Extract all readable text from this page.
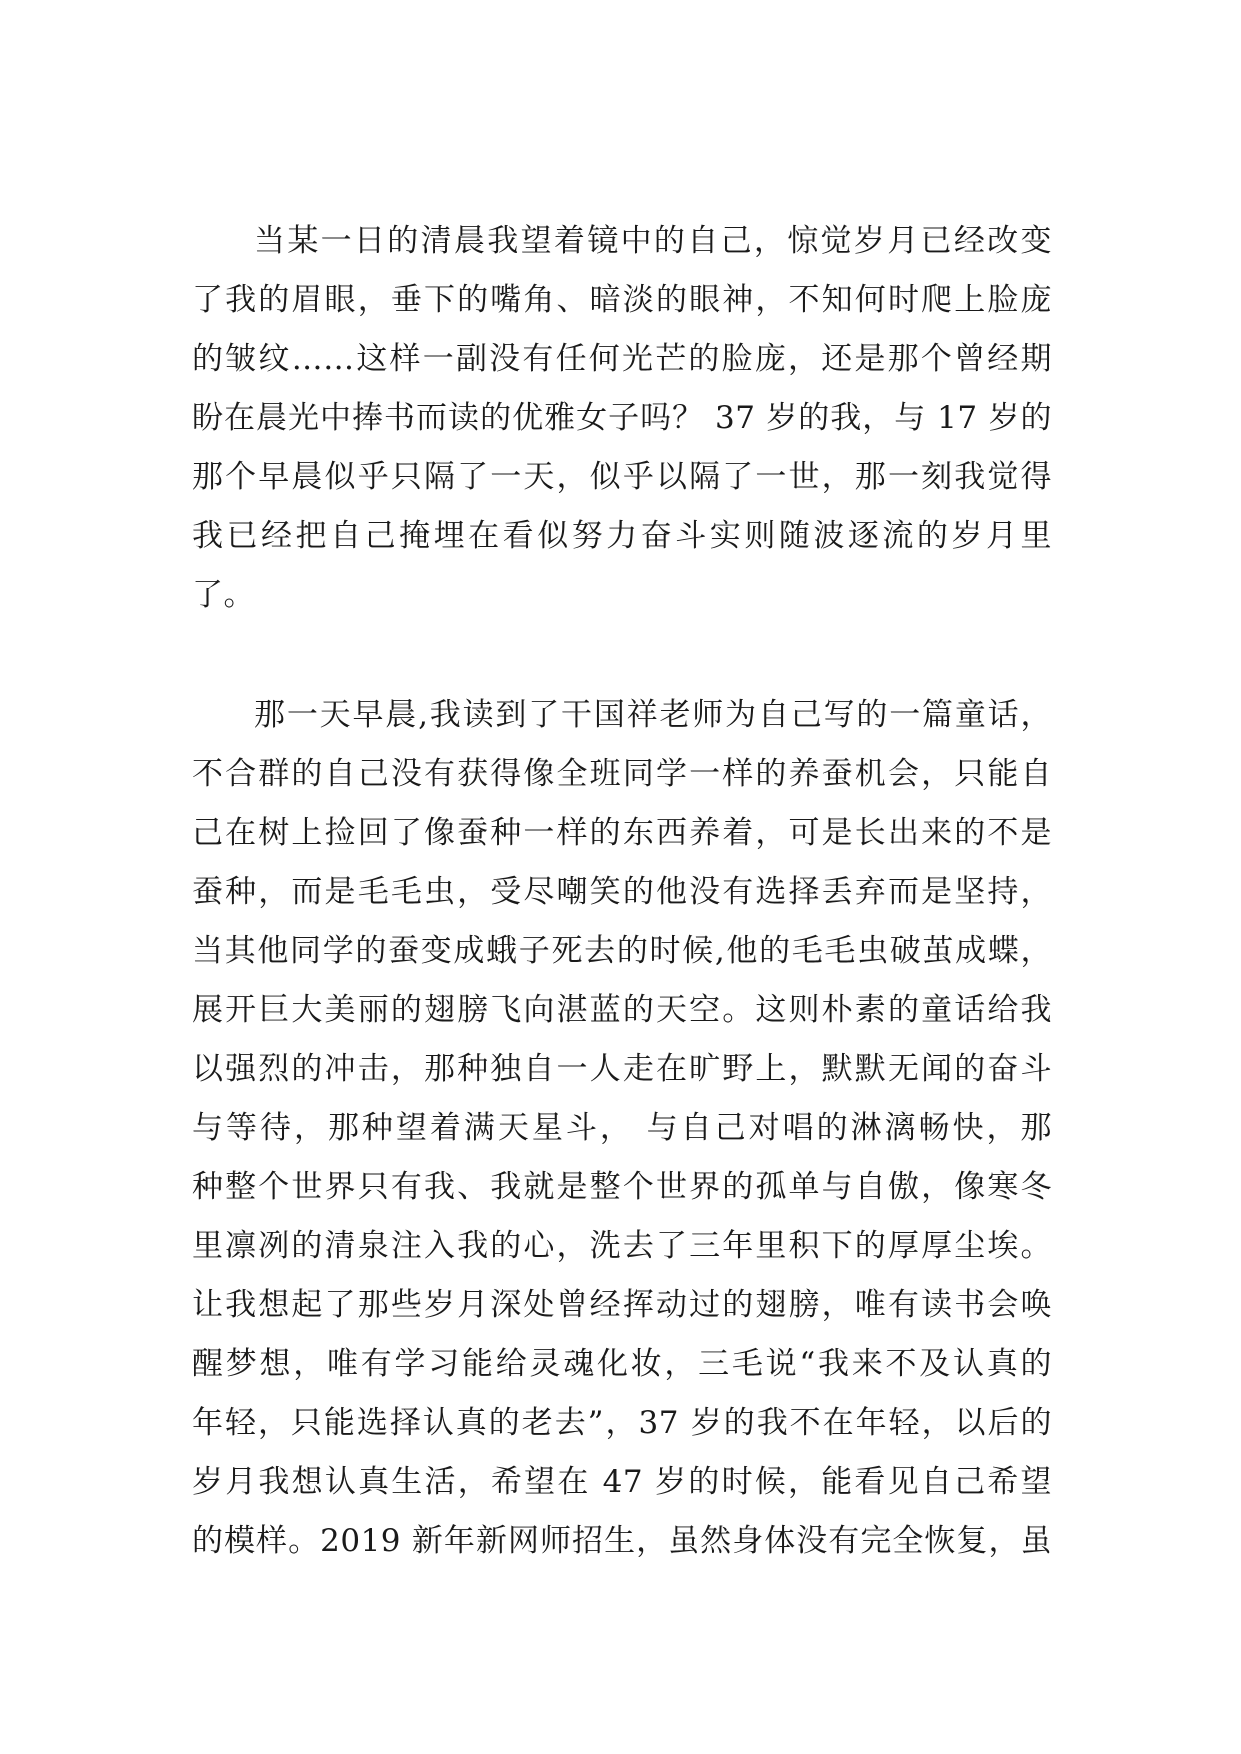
当某一日的清晨我望着镜中的自己，惊觉岁月已经改变
了我的眉眼，垂下的嘴角、暗淡的眼神，不知何时爬上脸庞
的皱纹……这样一副没有任何光芒的脸庞，还是那个曾经期
盼在晨光中捧书而读的优雅女子吗？ 37 岁的我，与 17 岁的
那个早晨似乎只隔了一天，似乎以隔了一世，那一刻我觉得
我已经把自己掩埋在看似努力奋斗实则随波逐流的岁月里
了。
那一天早晨,我读到了干国祥老师为自己写的一篇童话，
不合群的自己没有获得像全班同学一样的养蚕机会，只能自
己在树上捡回了像蚕种一样的东西养着，可是长出来的不是
蚕种，而是毛毛虫，受尽嘲笑的他没有选择丢弃而是坚持，
当其他同学的蚕变成蛾子死去的时候,他的毛毛虫破茧成蝶，
展开巨大美丽的翅膀飞向湛蓝的天空。这则朴素的童话给我
以强烈的冲击，那种独自一人走在旷野上，默默无闻的奋斗
与等待，那种望着满天星斗， 与自己对唱的淋漓畅快，那
种整个世界只有我、我就是整个世界的孤单与自傲，像寒冬
里凛冽的清泉注入我的心，洗去了三年里积下的厚厚尘埃。
让我想起了那些岁月深处曾经挥动过的翅膀，唯有读书会唤
醒梦想，唯有学习能给灵魂化妆，三毛说“我来不及认真的
年轻，只能选择认真的老去”，37 岁的我不在年轻，以后的
岁月我想认真生活，希望在 47 岁的时候，能看见自己希望
的模样。2019 新年新网师招生，虽然身体没有完全恢复，虽
